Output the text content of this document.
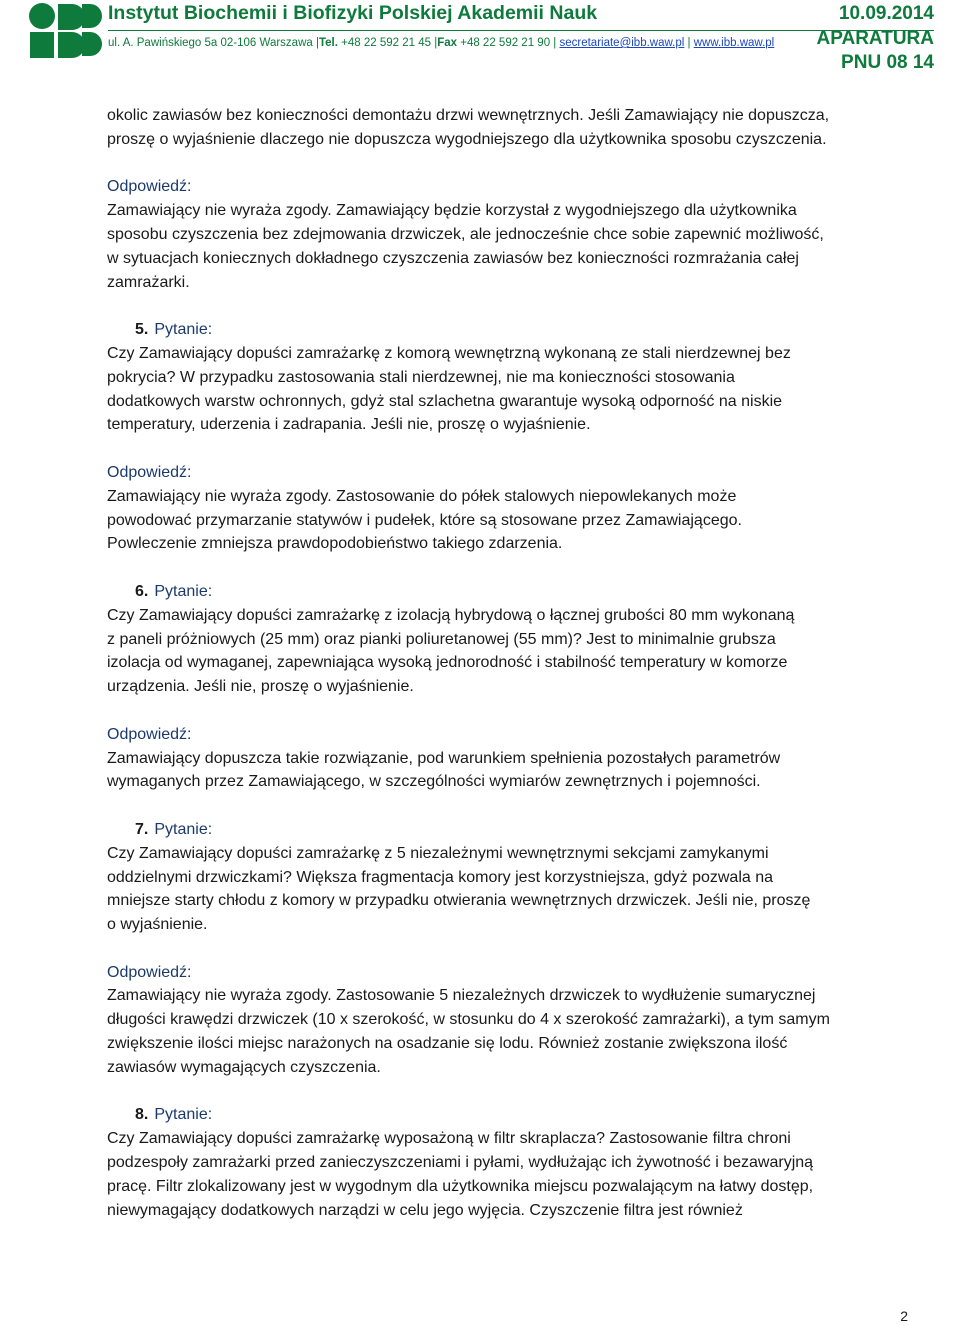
Instytut Biochemii i Biofizyki Polskiej Akademii Nauk
ul. A. Pawińskiego 5a 02-106 Warszawa |Tel. +48 22 592 21 45 |Fax +48 22 592 21 90 | secretariate@ibb.waw.pl | www.ibb.waw.pl
10.09.2014
APARATURA
PNU 08 14

okolic zawiasów bez konieczności demontażu drzwi wewnętrznych. Jeśli Zamawiający nie dopuszcza,

proszę o wyjaśnienie dlaczego nie dopuszcza wygodniejszego dla użytkownika sposobu czyszczenia.

Odpowiedź:

Zamawiający nie wyraża zgody. Zamawiający będzie korzystał z wygodniejszego dla użytkownika

sposobu czyszczenia bez zdejmowania drzwiczek, ale jednocześnie chce sobie zapewnić możliwość,

w sytuacjach koniecznych dokładnego czyszczenia zawiasów bez konieczności rozmrażania całej

zamrażarki.

5. Pytanie:

Czy Zamawiający dopuści zamrażarkę z komorą wewnętrzną wykonaną ze stali nierdzewnej bez

pokrycia? W przypadku zastosowania stali nierdzewnej, nie ma konieczności stosowania

dodatkowych warstw ochronnych, gdyż stal szlachetna gwarantuje wysoką odporność na niskie

temperatury, uderzenia i zadrapania. Jeśli nie, proszę o wyjaśnienie.

Odpowiedź:

Zamawiający nie wyraża zgody. Zastosowanie do półek stalowych niepowlekanych może

powodować przymarzanie statywów i pudełek, które są stosowane przez Zamawiającego.

Powleczenie zmniejsza prawdopodobieństwo takiego zdarzenia.

6. Pytanie:

Czy Zamawiający dopuści zamrażarkę z izolacją hybrydową o łącznej grubości 80 mm wykonaną

z paneli próżniowych (25 mm) oraz pianki poliuretanowej (55 mm)? Jest to minimalnie grubsza

izolacja od wymaganej, zapewniająca wysoką jednorodność i stabilność temperatury w komorze

urządzenia. Jeśli nie, proszę o wyjaśnienie.

Odpowiedź:

Zamawiający dopuszcza takie rozwiązanie, pod warunkiem spełnienia pozostałych parametrów

wymaganych przez Zamawiającego, w szczególności wymiarów zewnętrznych i pojemności.

7. Pytanie:

Czy Zamawiający dopuści zamrażarkę z 5 niezależnymi wewnętrznymi sekcjami zamykanymi

oddzielnymi drzwiczkami? Większa fragmentacja komory jest korzystniejsza, gdyż pozwala na

mniejsze starty chłodu z komory w przypadku otwierania wewnętrznych drzwiczek. Jeśli nie, proszę

o wyjaśnienie.

Odpowiedź:

Zamawiający nie wyraża zgody. Zastosowanie 5 niezależnych drzwiczek to wydłużenie sumarycznej

długości krawędzi drzwiczek (10 x szerokość, w stosunku do 4 x szerokość zamrażarki), a tym samym

zwiększenie ilości miejsc narażonych na osadzanie się lodu. Również zostanie zwiększona ilość

zawiasów wymagających czyszczenia.

8. Pytanie:

Czy Zamawiający dopuści zamrażarkę wyposażoną w filtr skraplacza? Zastosowanie filtra chroni

podzespoły zamrażarki przed zanieczyszczeniami i pyłami, wydłużając ich żywotność i bezawaryjną

pracę. Filtr zlokalizowany jest w wygodnym dla użytkownika miejscu pozwalającym na łatwy dostęp,

niewymagający dodatkowych narządzi w celu jego wyjęcia. Czyszczenie filtra jest również

2
